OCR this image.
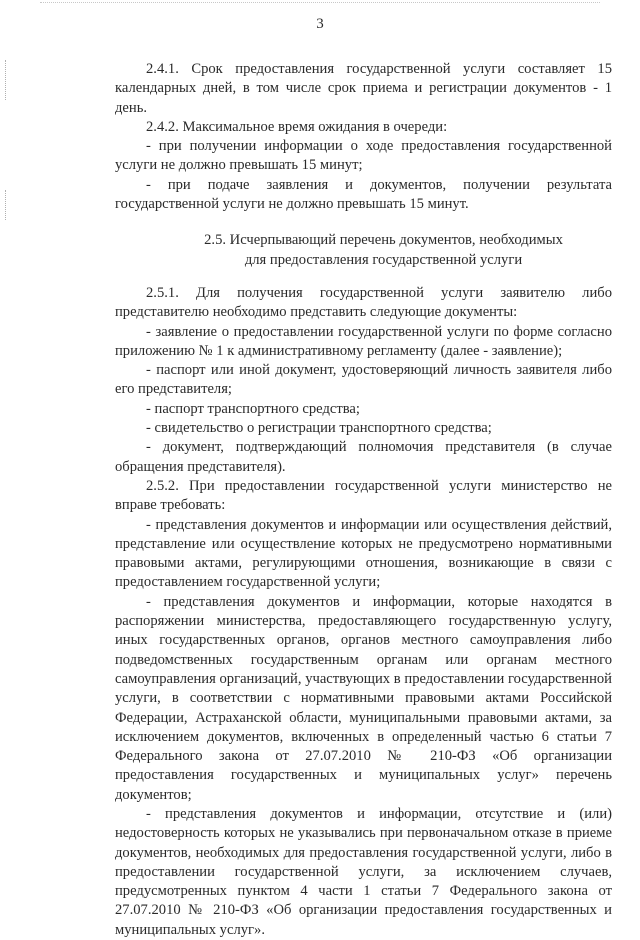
3

2.4.1. Срок предоставления государственной услуги составляет 15 календарных дней, в том числе срок приема и регистрации документов - 1 день.

2.4.2. Максимальное время ожидания в очереди:

- при получении информации о ходе предоставления государственной услуги не должно превышать 15 минут;

- при подаче заявления и документов, получении результата государственной услуги не должно превышать 15 минут.

2.5. Исчерпывающий перечень документов, необходимых
для предоставления государственной услуги

2.5.1. Для получения государственной услуги заявителю либо представителю необходимо представить следующие документы:

- заявление о предоставлении государственной услуги по форме согласно приложению № 1 к административному регламенту (далее - заявление);

- паспорт или иной документ, удостоверяющий личность заявителя либо его представителя;

- паспорт транспортного средства;

- свидетельство о регистрации транспортного средства;

- документ, подтверждающий полномочия представителя (в случае обращения представителя).

2.5.2. При предоставлении государственной услуги министерство не вправе требовать:

- представления документов и информации или осуществления действий, представление или осуществление которых не предусмотрено нормативными правовыми актами, регулирующими отношения, возникающие в связи с предоставлением государственной услуги;

- представления документов и информации, которые находятся в распоряжении министерства, предоставляющего государственную услугу, иных государственных органов, органов местного самоуправления либо подведомственных государственным органам или органам местного самоуправления организаций, участвующих в предоставлении государственной услуги, в соответствии с нормативными правовыми актами Российской Федерации, Астраханской области, муниципальными правовыми актами, за исключением документов, включенных в определенный частью 6 статьи 7 Федерального закона от 27.07.2010 № 210-ФЗ «Об организации предоставления государственных и муниципальных услуг» перечень документов;

- представления документов и информации, отсутствие и (или) недостоверность которых не указывались при первоначальном отказе в приеме документов, необходимых для предоставления государственной услуги, либо в предоставлении государственной услуги, за исключением случаев, предусмотренных пунктом 4 части 1 статьи 7 Федерального закона от 27.07.2010 № 210-ФЗ «Об организации предоставления государственных и муниципальных услуг».
